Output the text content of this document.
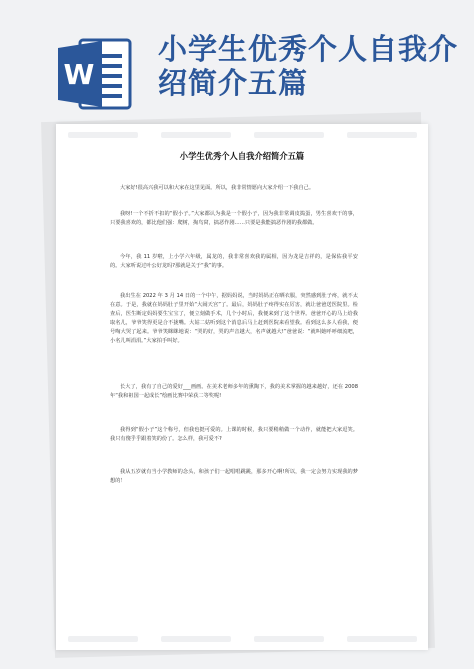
W
小学生优秀个人自我介绍简介五篇
小学生优秀个人自我介绍简介五篇

大家好!很高兴我可以和大家在这里见面。所以，我非常情愿向大家介绍一下我自己。

我呀!一个不折不扣的“假小子。”大家都认为我是一个假小子，因为我非常调皮捣蛋，男生喜欢干的事，只要我喜欢的，都比他们强：爬树，掏鸟窝，搞恶作剧……只要是我能搞恶作剧的我都做。

今年，我 11 岁啦，上小学六年级，属龙的，我非常喜欢我的属相，因为龙是吉祥的，是保佑我平安的。大家听说过叶公好龙吗?那就是关于“我”的事。

我出生在 2022 年 3 月 14 日的一个中午，据妈妈说，当时妈妈正在晒衣服，突然感到肚子疼，就不太在意。于是，我就在妈妈肚子里开始“大闹天宫”了。最后，妈妈肚子疼得实在厉害，就让爸爸送医院里。检查后，医生断定妈妈要生宝宝了，便立刻做手术，几个小时后，我便来到了这个世界。爸爸开心的马上给我取名儿，爷爷笑得更是合不拢嘴。大姑二姑听到这个消息后马上赶到医院来看望我。看到这么多人看我，便号啕大哭了起来。爷爷笑眯眯地说：“哭的好，哭的声音越大，名声就越大!”爸爸说：“就叫她呼呼细流吧，小名儿叫涓涓。”大家拍手叫好。

长大了，我有了自己的爱好___画画。在美术老师多年的熏陶下，我的美术掌握的越来越好，还在 2008 年“我和祖国一起成长”绘画比赛中荣获二等奖呢!

我得到“假小子”这个称号，但我也挺可爱的。上课的时候，我只要稍稍做一个动作，就能把大家逗笑。我只有傻乎乎跟着笑的份了。怎么样，我可爱不?

我从五岁就有当小学教师的念头，和孩子们一起唱唱跳跳，那多开心啊!所以，我一定会努力实现我的梦想的！
